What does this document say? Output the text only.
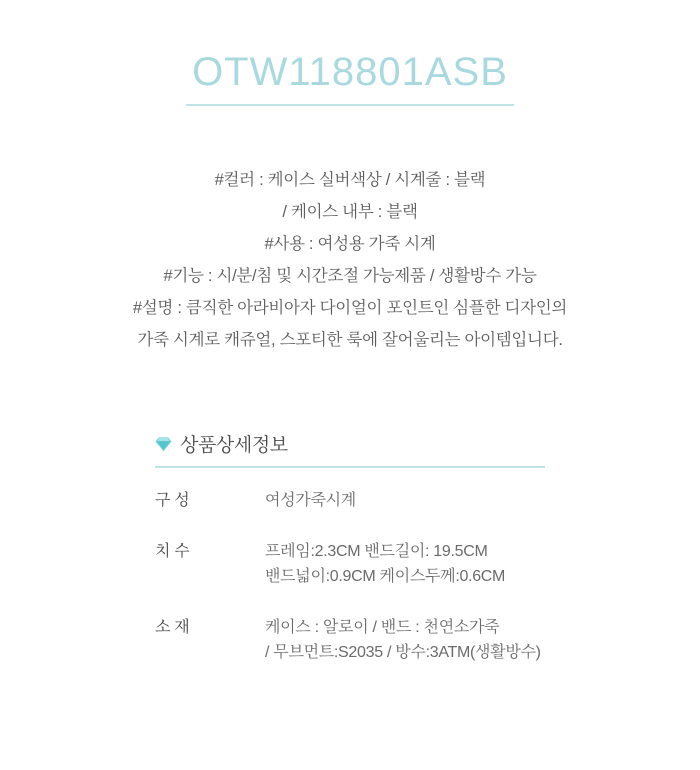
OTW118801ASB
#컬러 : 케이스 실버색상 / 시계줄 : 블랙
/ 케이스 내부 : 블랙
#사용 : 여성용 가죽 시계
#기능 : 시/분/침 및 시간조절 가능제품 / 생활방수 가능
#설명 : 큼직한 아라비아자 다이얼이 포인트인 심플한 디자인의
가죽 시계로 캐쥬얼, 스포티한 룩에 잘어울리는 아이템입니다.
상품상세정보
구 성	여성가죽시계

치 수	프레임:2.3CM 밴드길이: 19.5CM
밴드넓이:0.9CM 케이스두께:0.6CM

소 재	케이스 : 알로이 / 밴드 : 천연소가죽
/ 무브먼트:S2035 / 방수:3ATM(생활방수)
